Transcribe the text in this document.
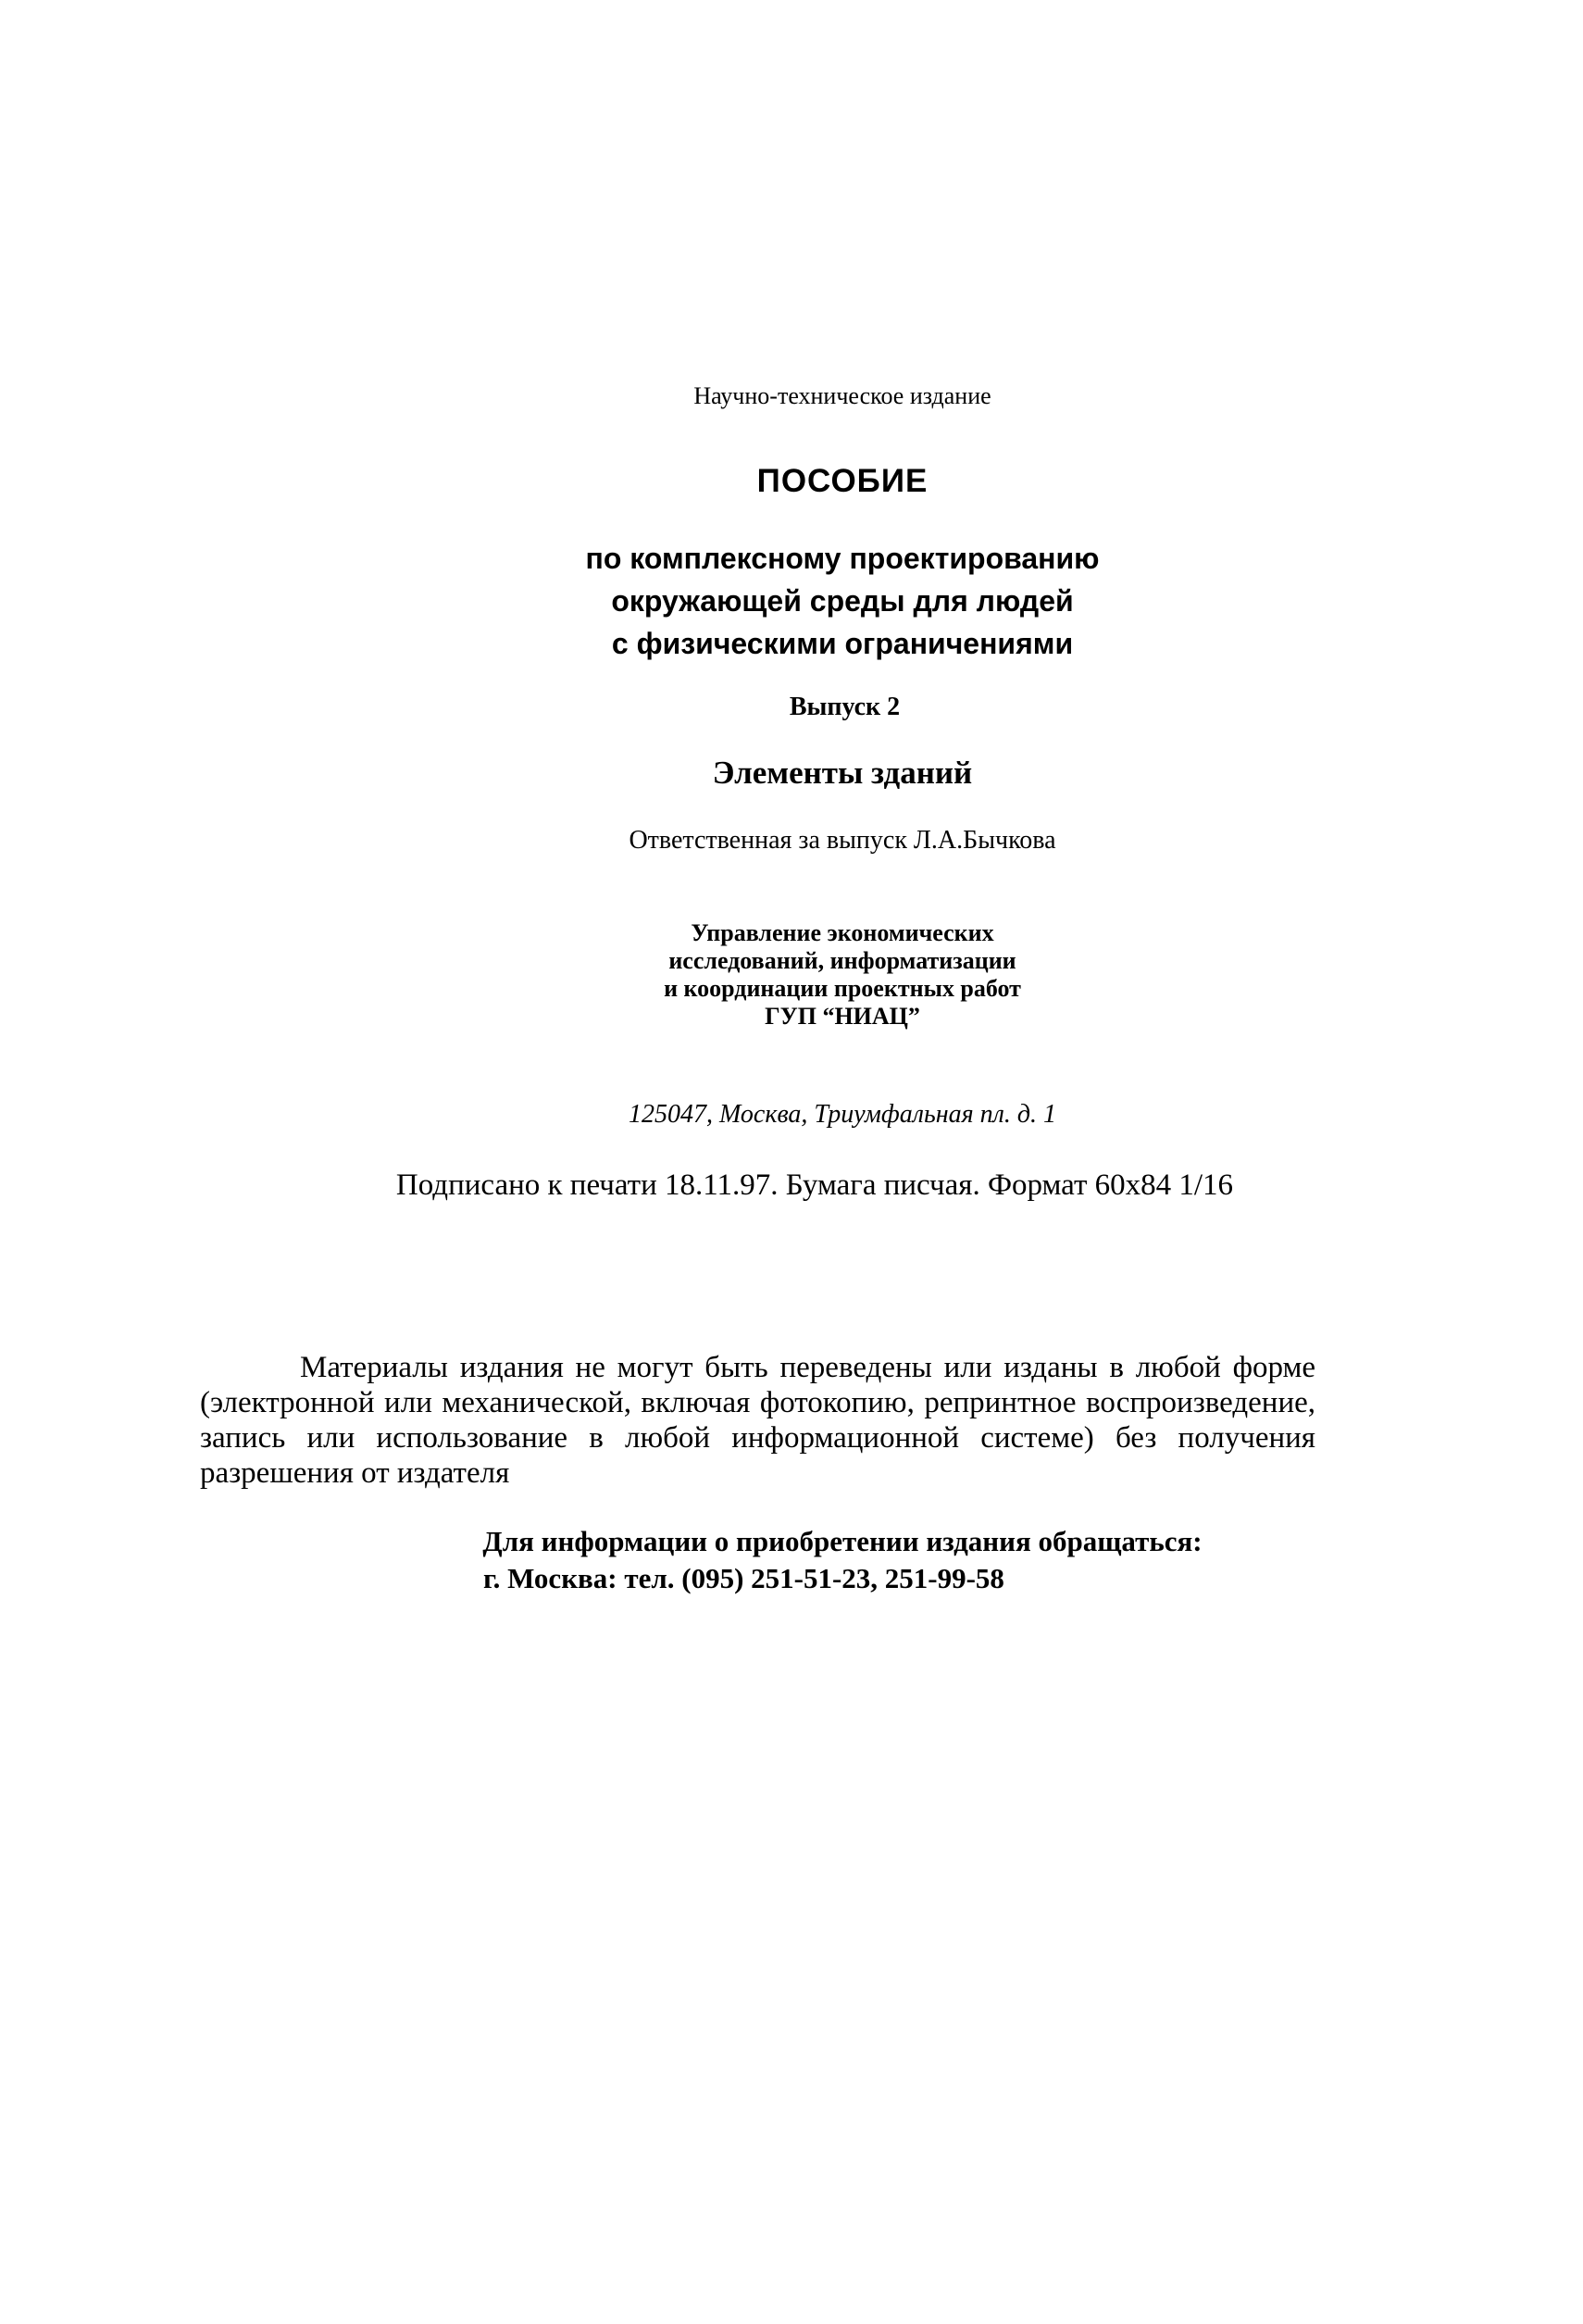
Научно-техническое издание
ПОСОБИЕ
по комплексному проектированию
окружающей среды для людей
с физическими ограничениями
Выпуск 2
Элементы зданий
Ответственная за выпуск Л.А.Бычкова
Управление экономических
исследований, информатизации
и координации проектных работ
ГУП “НИАЦ”
125047, Москва, Триумфальная пл. д. 1
Подписано к печати 18.11.97. Бумага писчая. Формат 60х84 1/16

Материалы издания не могут быть переведены или изданы в любой форме (электронной или механической, включая фотокопию, репринтное воспроизведение, запись или использование в любой информационной системе) без получения разрешения от издателя

Для информации о приобретении издания обращаться:
г. Москва: тел. (095) 251-51-23, 251-99-58
